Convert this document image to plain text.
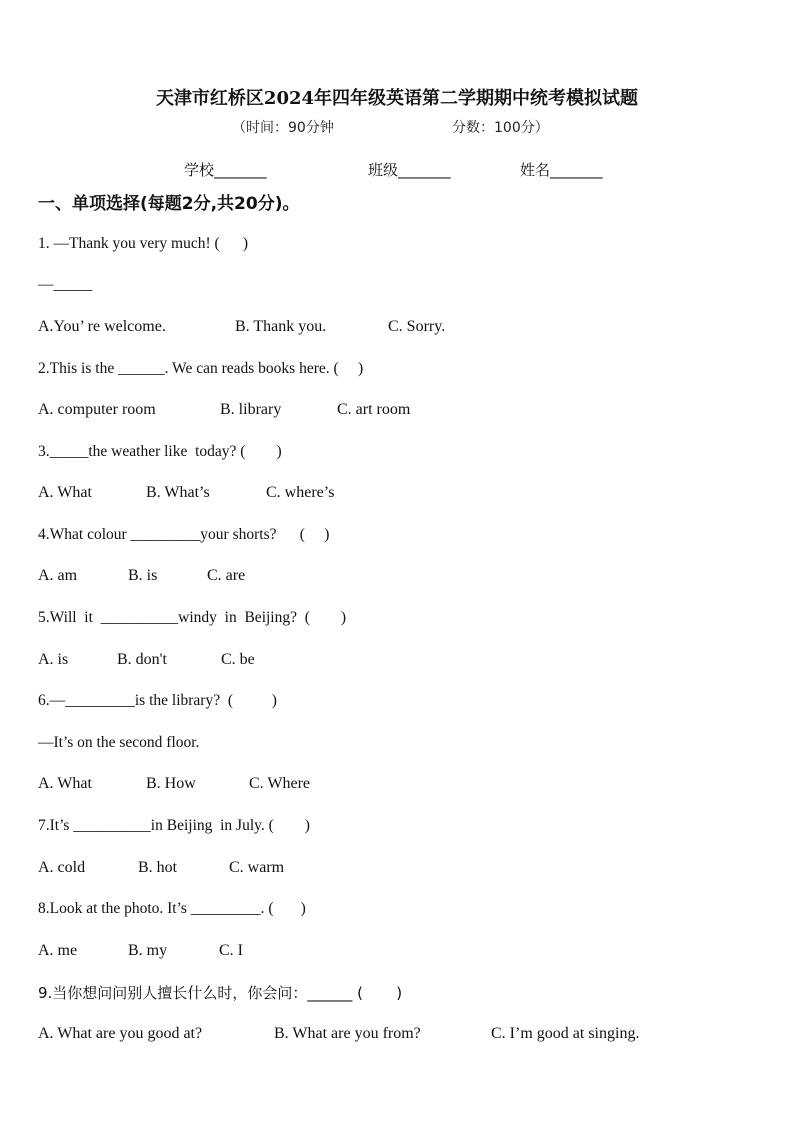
天津市红桥区2024年四年级英语第二学期期中统考模拟试题
（时间：90分钟	分数：100分）
学校_______	班级_______	姓名_______
一、单项选择(每题2分,共20分)。
1. —Thank you very much! (      )
—_____
A.You’ re welcome.	B. Thank you.	C. Sorry.
2.This is the ______. We can reads books here. (     )
A. computer room	B. library	C. art room
3._____the weather like  today? (        )
A. What	B. What’s	C. where’s
4.What colour _________your shorts?      (     )
A. am	B. is	C. are
5.Will  it  __________windy  in  Beijing?  (        )
A. is	B. don't	C. be
6.—_________is the library?  (          )
—It’s on the second floor.
A. What	B. How	C. Where
7.It’s __________in Beijing  in July. (        )
A. cold	B. hot	C. warm
8.Look at the photo. It’s _________. (       )
A. me	B. my	C. I
9.当你想问问别人擅长什么时，你会问：______ (       )
A. What are you good at?	B. What are you from?	C. I’m good at singing.
